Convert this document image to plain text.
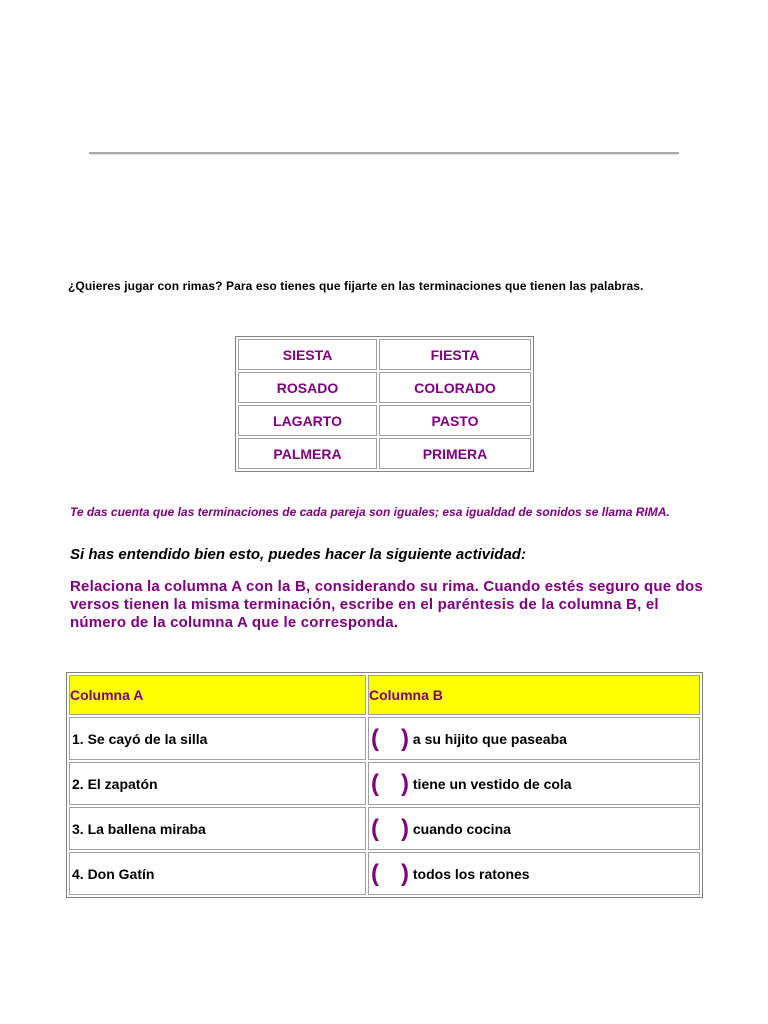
¿Quieres jugar con rimas? Para eso tienes que fijarte en las terminaciones que tienen las palabras.
SIESTA	FIESTA
ROSADO	COLORADO
LAGARTO	PASTO
PALMERA	PRIMERA
Te das cuenta que las terminaciones de cada pareja son iguales; esa igualdad de sonidos se llama RIMA.
Si has entendido bien esto, puedes hacer la siguiente actividad:
Relaciona la columna A con la B, considerando su rima. Cuando estés seguro que dos versos tienen la misma terminación, escribe en el paréntesis de la columna B, el número de la columna A que le corresponda.
Columna A	Columna B
1. Se cayó de la silla	( ) a su hijito que paseaba
2. El zapatón	( ) tiene un vestido de cola
3. La ballena miraba	( ) cuando cocina
4. Don Gatín	( ) todos los ratones
